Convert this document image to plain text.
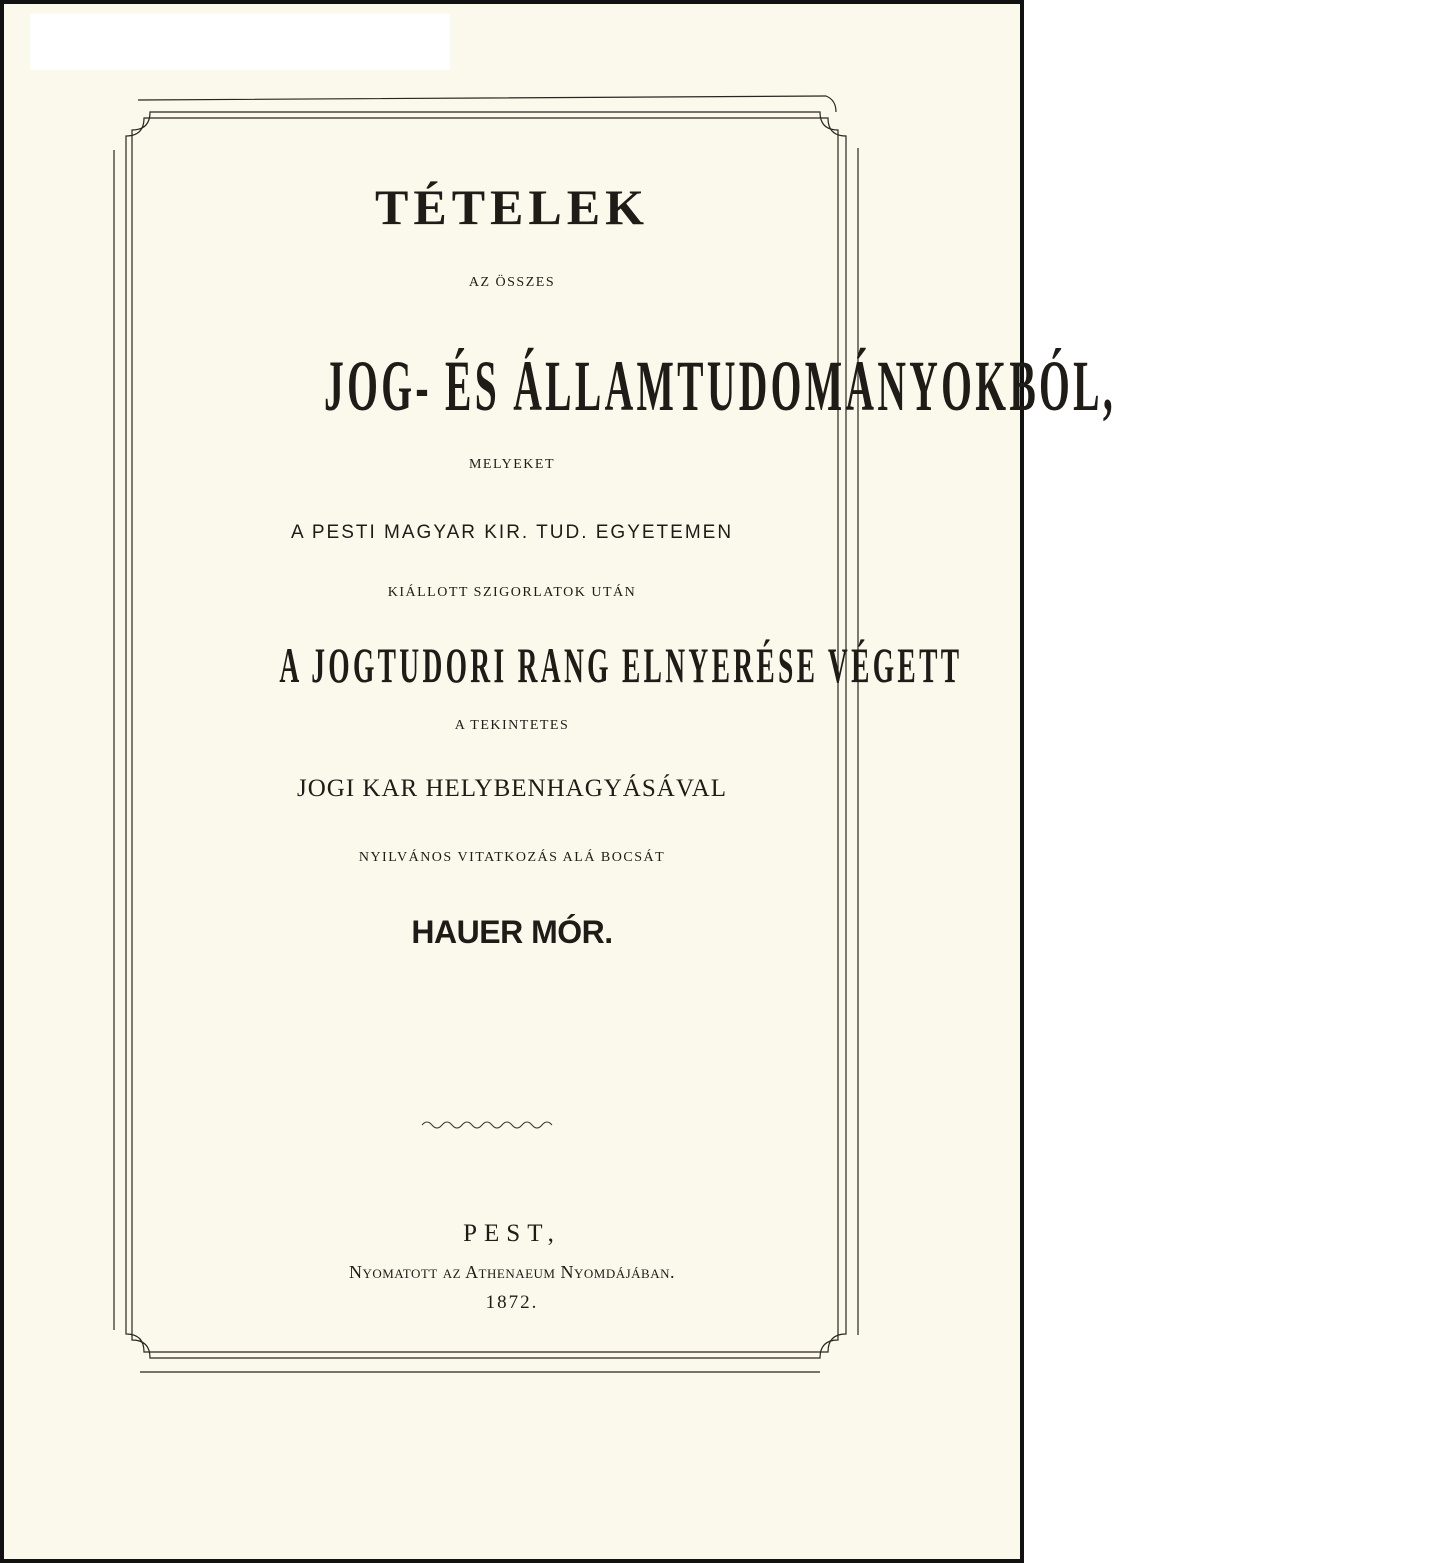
TÉTELEK
AZ ÖSSZES
JOG- ÉS ÁLLAMTUDOMÁNYOKBÓL,
MELYEKET
A PESTI MAGYAR KIR. TUD. EGYETEMEN
KIÁLLOTT SZIGORLATOK UTÁN
A JOGTUDORI RANG ELNYERÉSE VÉGETT
A TEKINTETES
JOGI KAR HELYBENHAGYÁSÁVAL
NYILVÁNOS VITATKOZÁS ALÁ BOCSÁT
HAUER MÓR.
PEST,
Nyomatott az Athenaeum Nyomdájában.
1872.
